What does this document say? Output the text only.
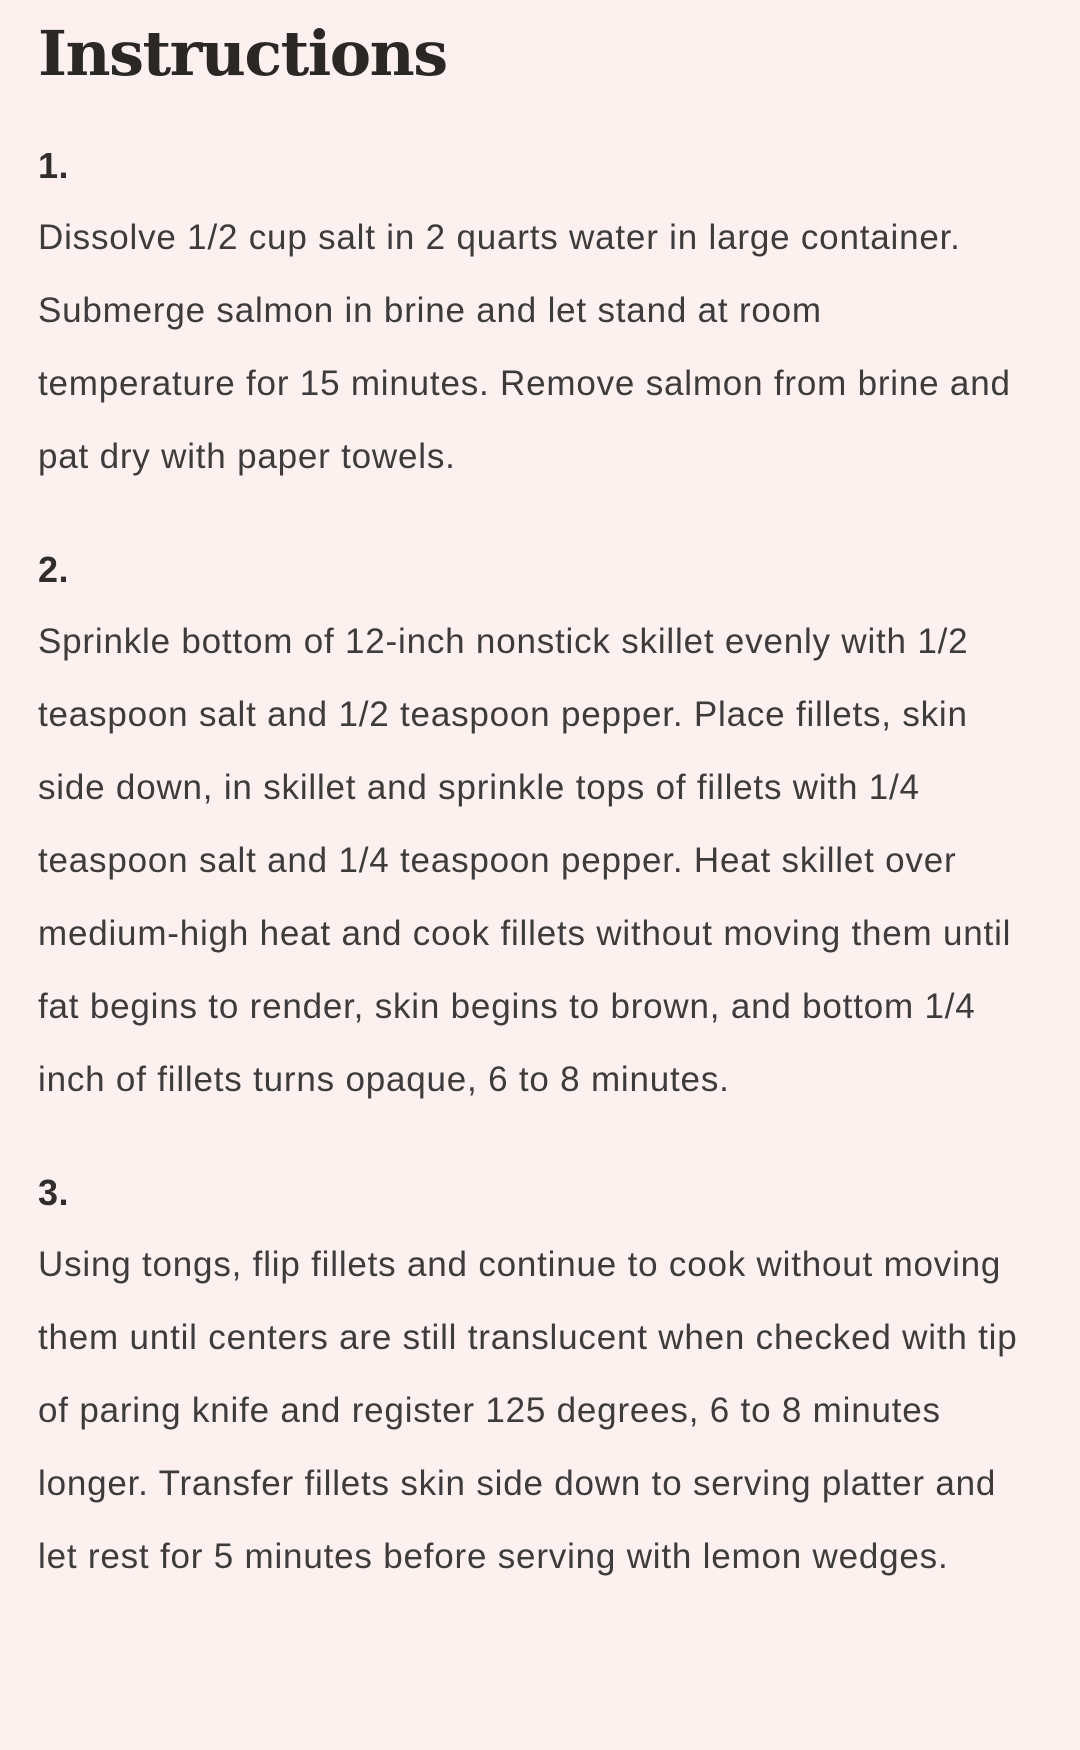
Instructions
1.

Dissolve 1/2 cup salt in 2 quarts water in large container. Submerge salmon in brine and let stand at room temperature for 15 minutes. Remove salmon from brine and pat dry with paper towels.

2.

Sprinkle bottom of 12-inch nonstick skillet evenly with 1/2 teaspoon salt and 1/2 teaspoon pepper. Place fillets, skin side down, in skillet and sprinkle tops of fillets with 1/4 teaspoon salt and 1/4 teaspoon pepper. Heat skillet over medium-high heat and cook fillets without moving them until fat begins to render, skin begins to brown, and bottom 1/4 inch of fillets turns opaque, 6 to 8 minutes.

3.

Using tongs, flip fillets and continue to cook without moving them until centers are still translucent when checked with tip of paring knife and register 125 degrees, 6 to 8 minutes longer. Transfer fillets skin side down to serving platter and let rest for 5 minutes before serving with lemon wedges.
